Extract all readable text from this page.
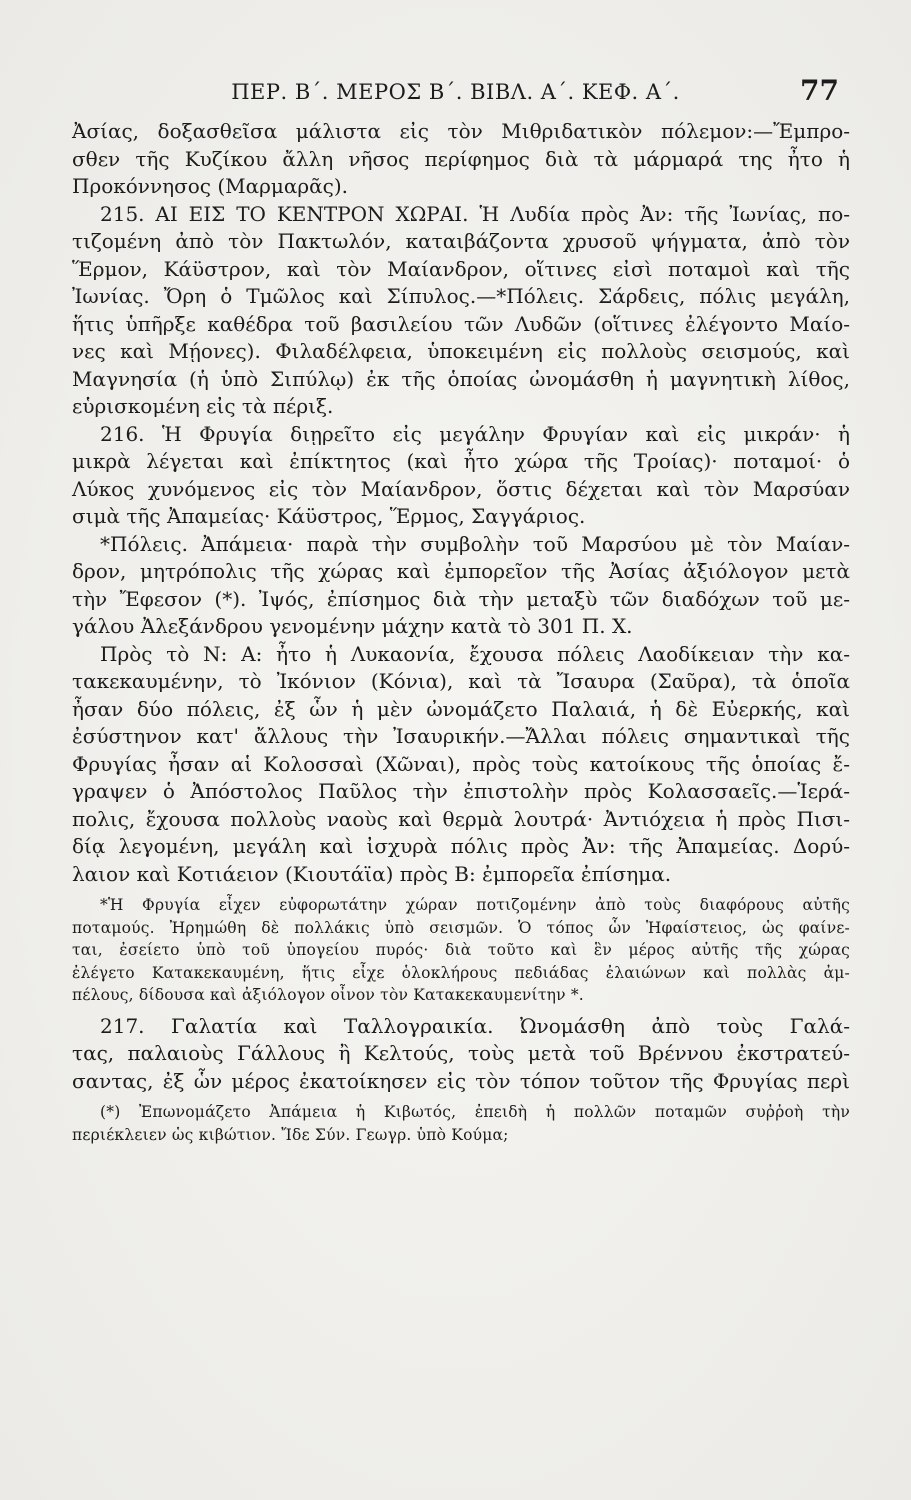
ΠΕΡ. Β΄. ΜΕΡΟΣ Β΄. ΒΙΒΛ. Α΄. ΚΕΦ. Α΄.	77
Ἀσίας, δοξασθεῖσα μάλιστα εἰς τὸν Μιθριδατικὸν πόλεμον:—Ἔμπρο-
σθεν τῆς Κυζίκου ἄλλη νῆσος περίφημος διὰ τὰ μάρμαρά της ἦτο ἡ
Προκόννησος (Μαρμαρᾶς).
215. ΑΙ ΕΙΣ ΤΟ ΚΕΝΤΡΟΝ ΧΩΡΑΙ. Ἡ Λυδία πρὸς Ἀν: τῆς Ἰωνίας, πο-
τιζομένη ἀπὸ τὸν Πακτωλόν, καταιβάζοντα χρυσοῦ ψήγματα, ἀπὸ τὸν
Ἕρμον, Κάϋστρον, καὶ τὸν Μαίανδρον, οἵτινες εἰσὶ ποταμοὶ καὶ τῆς
Ἰωνίας. Ὄρη ὁ Τμῶλος καὶ Σίπυλος.—*Πόλεις. Σάρδεις, πόλις μεγάλη,
ἥτις ὑπῆρξε καθέδρα τοῦ βασιλείου τῶν Λυδῶν (οἵτινες ἐλέγοντο Μαίο-
νες καὶ Μῄονες). Φιλαδέλφεια, ὑποκειμένη εἰς πολλοὺς σεισμούς, καὶ
Μαγνησία (ἡ ὑπὸ Σιπύλῳ) ἐκ τῆς ὁποίας ὠνομάσθη ἡ μαγνητικὴ λίθος,
εὑρισκομένη εἰς τὰ πέριξ.
216. Ἡ Φρυγία διῃρεῖτο εἰς μεγάλην Φρυγίαν καὶ εἰς μικράν· ἡ
μικρὰ λέγεται καὶ ἐπίκτητος (καὶ ἦτο χώρα τῆς Τροίας)· ποταμοί· ὁ
Λύκος χυνόμενος εἰς τὸν Μαίανδρον, ὅστις δέχεται καὶ τὸν Μαρσύαν
σιμὰ τῆς Ἀπαμείας· Κάϋστρος, Ἕρμος, Σαγγάριος.
*Πόλεις. Ἀπάμεια· παρὰ τὴν συμβολὴν τοῦ Μαρσύου μὲ τὸν Μαίαν-
δρον, μητρόπολις τῆς χώρας καὶ ἐμπορεῖον τῆς Ἀσίας ἀξιόλογον μετὰ
τὴν Ἔφεσον (*). Ἰψός, ἐπίσημος διὰ τὴν μεταξὺ τῶν διαδόχων τοῦ με-
γάλου Ἀλεξάνδρου γενομένην μάχην κατὰ τὸ 301 Π. Χ.
Πρὸς τὸ Ν: Α: ἦτο ἡ Λυκαονία, ἔχουσα πόλεις Λαοδίκειαν τὴν κα-
τακεκαυμένην, τὸ Ἰκόνιον (Κόνια), καὶ τὰ Ἴσαυρα (Σαῦρα), τὰ ὁποῖα
ἦσαν δύο πόλεις, ἐξ ὧν ἡ μὲν ὠνομάζετο Παλαιά, ἡ δὲ Εὐερκής, καὶ
ἐσύστηνον κατ' ἄλλους τὴν Ἰσαυρικήν.—Ἄλλαι πόλεις σημαντικαὶ τῆς
Φρυγίας ἦσαν αἱ Κολοσσαὶ (Χῶναι), πρὸς τοὺς κατοίκους τῆς ὁποίας ἔ-
γραψεν ὁ Ἀπόστολος Παῦλος τὴν ἐπιστολὴν πρὸς Κολασσαεῖς.—Ἱερά-
πολις, ἔχουσα πολλοὺς ναοὺς καὶ θερμὰ λουτρά· Ἀντιόχεια ἡ πρὸς Πισι-
δίᾳ λεγομένη, μεγάλη καὶ ἰσχυρὰ πόλις πρὸς Ἀν: τῆς Ἀπαμείας. Δορύ-
λαιον καὶ Κοτιάειον (Κιουτάϊα) πρὸς Β: ἐμπορεῖα ἐπίσημα.
*Ἡ Φρυγία εἶχεν εὐφορωτάτην χώραν ποτιζομένην ἀπὸ τοὺς διαφόρους αὐτῆς
ποταμούς. Ἠρημώθη δὲ πολλάκις ὑπὸ σεισμῶν. Ὁ τόπος ὧν Ἡφαίστειος, ὡς φαίνε-
ται, ἐσείετο ὑπὸ τοῦ ὑπογείου πυρός· διὰ τοῦτο καὶ ἓν μέρος αὐτῆς τῆς χώρας
ἐλέγετο Κατακεκαυμένη, ἥτις εἶχε ὁλοκλήρους πεδιάδας ἐλαιώνων καὶ πολλὰς ἀμ-
πέλους, δίδουσα καὶ ἀξιόλογον οἶνον τὸν Κατακεκαυμενίτην *.
217. Γαλατία καὶ Ταλλογραικία. Ὠνομάσθη ἀπὸ τοὺς Γαλά-
τας, παλαιοὺς Γάλλους ἢ Κελτούς, τοὺς μετὰ τοῦ Βρέννου ἐκστρατεύ-
σαντας, ἐξ ὧν μέρος ἐκατοίκησεν εἰς τὸν τόπον τοῦτον τῆς Φρυγίας περὶ
(*) Ἐπωνομάζετο Ἀπάμεια ἡ Κιβωτός, ἐπειδὴ ἡ πολλῶν ποταμῶν συῤῥοὴ τὴν
περιέκλειεν ὡς κιβώτιον. Ἴδε Σύν. Γεωγρ. ὑπὸ Κούμα;
